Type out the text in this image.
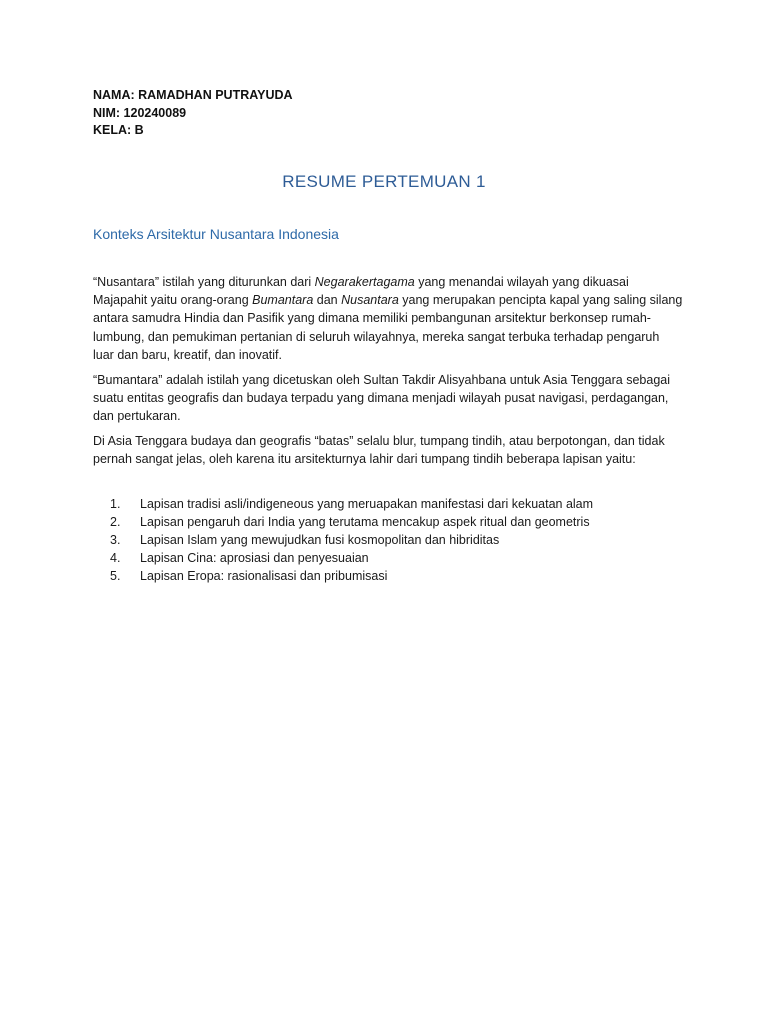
NAMA: RAMADHAN PUTRAYUDA
NIM: 120240089
KELA: B
RESUME PERTEMUAN 1
Konteks Arsitektur Nusantara Indonesia
“Nusantara” istilah yang diturunkan dari Negarakertagama yang menandai wilayah yang dikuasai Majapahit yaitu orang-orang Bumantara dan Nusantara yang merupakan pencipta kapal yang saling silang antara samudra Hindia dan Pasifik yang dimana memiliki pembangunan arsitektur berkonsep rumah-lumbung, dan pemukiman pertanian di seluruh wilayahnya, mereka sangat terbuka terhadap pengaruh luar dan baru, kreatif, dan inovatif.
“Bumantara” adalah istilah yang dicetuskan oleh Sultan Takdir Alisyahbana untuk Asia Tenggara sebagai suatu entitas geografis dan budaya terpadu yang dimana menjadi wilayah pusat navigasi, perdagangan, dan pertukaran.
Di Asia Tenggara budaya dan geografis “batas” selalu blur, tumpang tindih, atau berpotongan, dan tidak pernah sangat jelas, oleh karena itu arsitekturnya lahir dari tumpang tindih beberapa lapisan yaitu:
1.	Lapisan tradisi asli/indigeneous yang meruapakan manifestasi dari kekuatan alam
2.	Lapisan pengaruh dari India yang terutama mencakup aspek ritual dan geometris
3.	Lapisan Islam yang mewujudkan fusi kosmopolitan dan hibriditas
4.	Lapisan Cina: aprosiasi dan penyesuaian
5.	Lapisan Eropa: rasionalisasi dan pribumisasi
